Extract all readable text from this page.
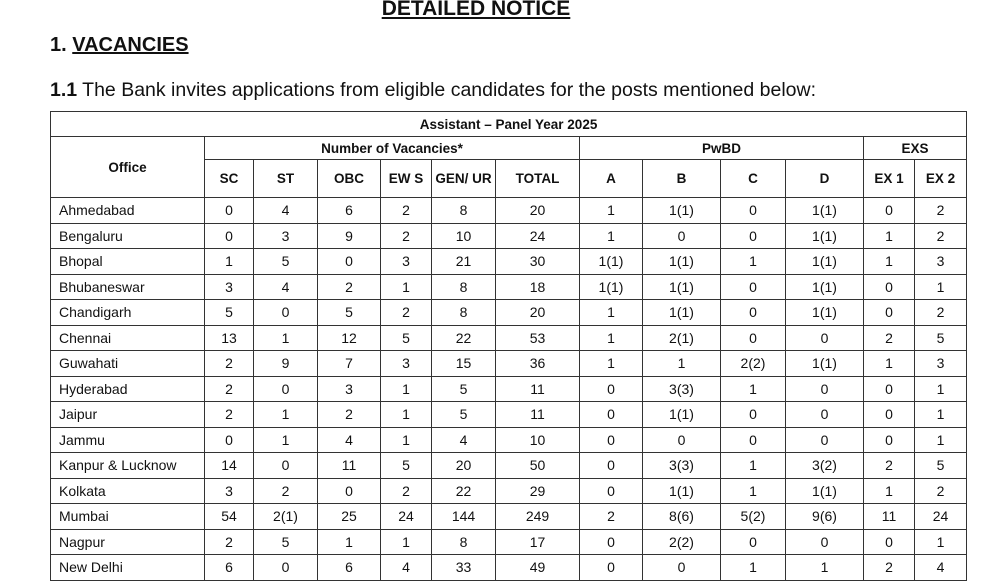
DETAILED NOTICE
1. VACANCIES
1.1 The Bank invites applications from eligible candidates for the posts mentioned below:
Assistant – Panel Year 2025												
Office	Number of Vacancies*						PwBD				EXS	
	SC	ST	OBC	EW S	GEN/ UR	TOTAL	A	B	C	D	EX 1	EX 2
Ahmedabad	0	4	6	2	8	20	1	1(1)	0	1(1)	0	2
Bengaluru	0	3	9	2	10	24	1	0	0	1(1)	1	2
Bhopal	1	5	0	3	21	30	1(1)	1(1)	1	1(1)	1	3
Bhubaneswar	3	4	2	1	8	18	1(1)	1(1)	0	1(1)	0	1
Chandigarh	5	0	5	2	8	20	1	1(1)	0	1(1)	0	2
Chennai	13	1	12	5	22	53	1	2(1)	0	0	2	5
Guwahati	2	9	7	3	15	36	1	1	2(2)	1(1)	1	3
Hyderabad	2	0	3	1	5	11	0	3(3)	1	0	0	1
Jaipur	2	1	2	1	5	11	0	1(1)	0	0	0	1
Jammu	0	1	4	1	4	10	0	0	0	0	0	1
Kanpur & Lucknow	14	0	11	5	20	50	0	3(3)	1	3(2)	2	5
Kolkata	3	2	0	2	22	29	0	1(1)	1	1(1)	1	2
Mumbai	54	2(1)	25	24	144	249	2	8(6)	5(2)	9(6)	11	24
Nagpur	2	5	1	1	8	17	0	2(2)	0	0	0	1
New Delhi	6	0	6	4	33	49	0	0	1	1	2	4
